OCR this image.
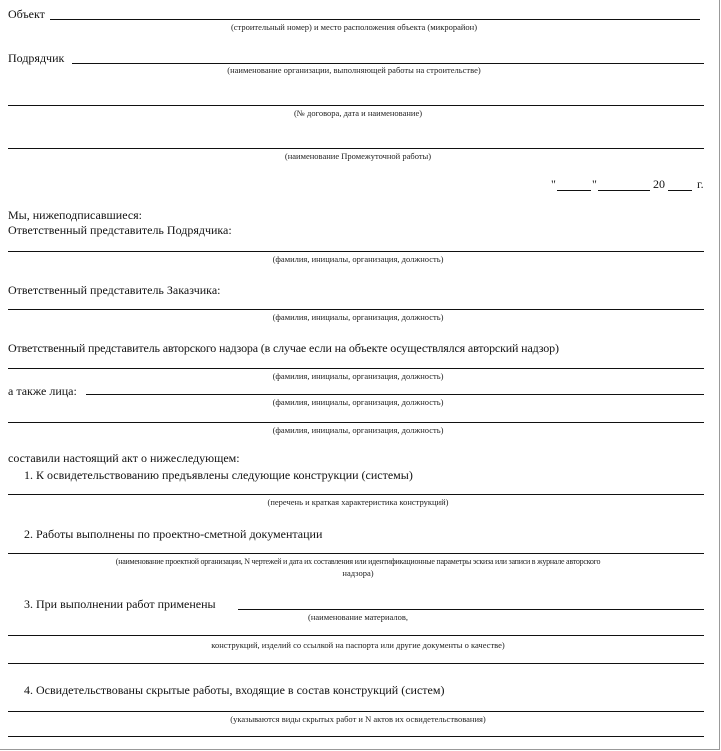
Объект
(строительный номер) и место расположения объекта (микрорайон)
Подрядчик
(наименование организации, выполняющей работы на строительстве)
(№ договора, дата и наименование)
(наименование Промежуточной работы)
"	"	20	г.
Мы, нижеподписавшиеся:
Ответственный представитель Подрядчика:
(фамилия, инициалы, организация, должность)
Ответственный представитель Заказчика:
(фамилия, инициалы, организация, должность)
Ответственный представитель авторского надзора (в случае если на объекте осуществлялся авторский надзор)
(фамилия, инициалы, организация, должность)
а также лица:
(фамилия, инициалы, организация, должность)
(фамилия, инициалы, организация, должность)
составили настоящий акт о нижеследующем:
1. К освидетельствованию предъявлены следующие конструкции (системы)
(перечень и краткая характеристика конструкций)
2. Работы выполнены по проектно-сметной документации
(наименование проектной организации, N чертежей и дата их составления или идентификационные параметры эскиза или записи в журнале авторского
надзора)
3. При выполнении работ применены
(наименование материалов,
конструкций, изделий со ссылкой на паспорта или другие документы о качестве)
4. Освидетельствованы скрытые работы, входящие в состав конструкций (систем)
(указываются виды скрытых работ и N актов их освидетельствования)
